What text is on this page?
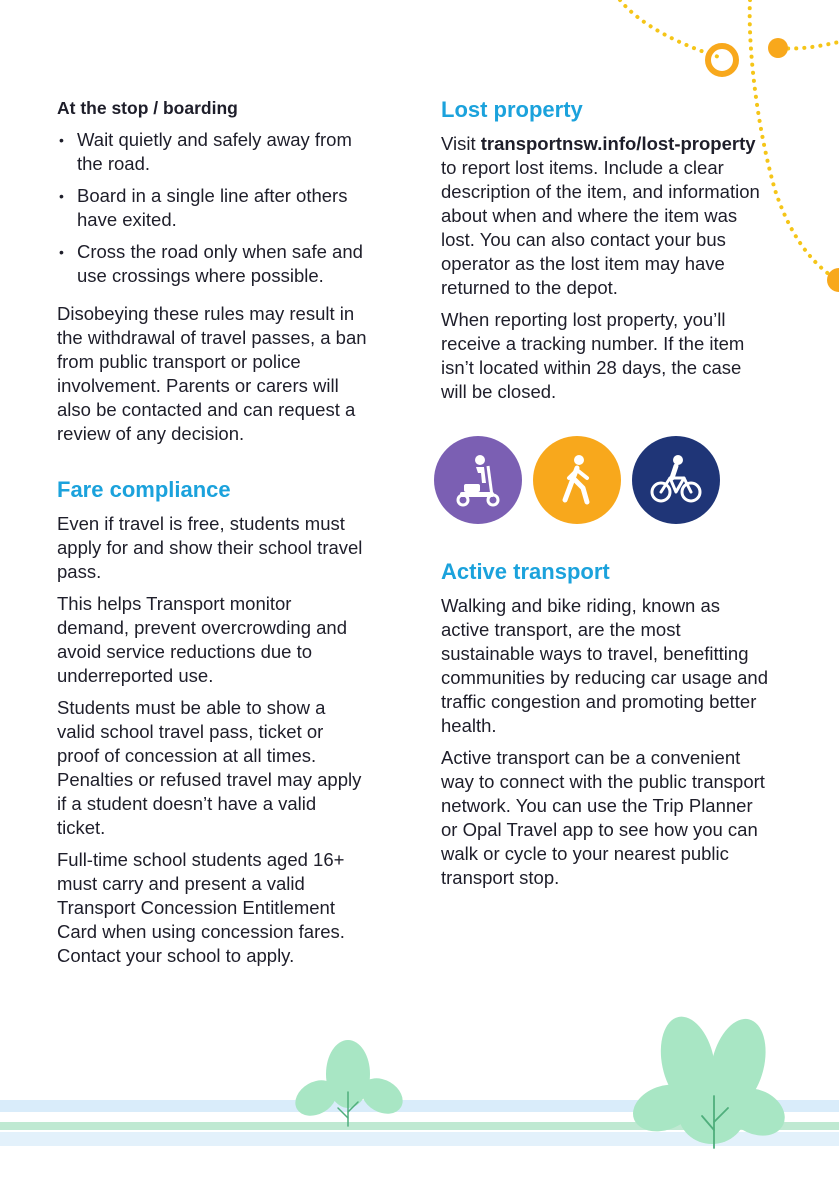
At the stop / boarding
• Wait quietly and safely away from the road.
• Board in a single line after others have exited.
• Cross the road only when safe and use crossings where possible.

Disobeying these rules may result in the withdrawal of travel passes, a ban from public transport or police involvement. Parents or carers will also be contacted and can request a review of any decision.

Fare compliance

Even if travel is free, students must apply for and show their school travel pass.

This helps Transport monitor demand, prevent overcrowding and avoid service reductions due to underreported use.

Students must be able to show a valid school travel pass, ticket or proof of concession at all times. Penalties or refused travel may apply if a student doesn’t have a valid ticket.

Full-time school students aged 16+ must carry and present a valid Transport Concession Entitlement Card when using concession fares. Contact your school to apply.

Lost property

Visit transportnsw.info/lost-property to report lost items. Include a clear description of the item, and information about when and where the item was lost. You can also contact your bus operator as the lost item may have returned to the depot.

When reporting lost property, you’ll receive a tracking number. If the item isn’t located within 28 days, the case will be closed.

Active transport

Walking and bike riding, known as active transport, are the most sustainable ways to travel, benefitting communities by reducing car usage and traffic congestion and promoting better health.

Active transport can be a convenient way to connect with the public transport network. You can use the Trip Planner or Opal Travel app to see how you can walk or cycle to your nearest public transport stop.
